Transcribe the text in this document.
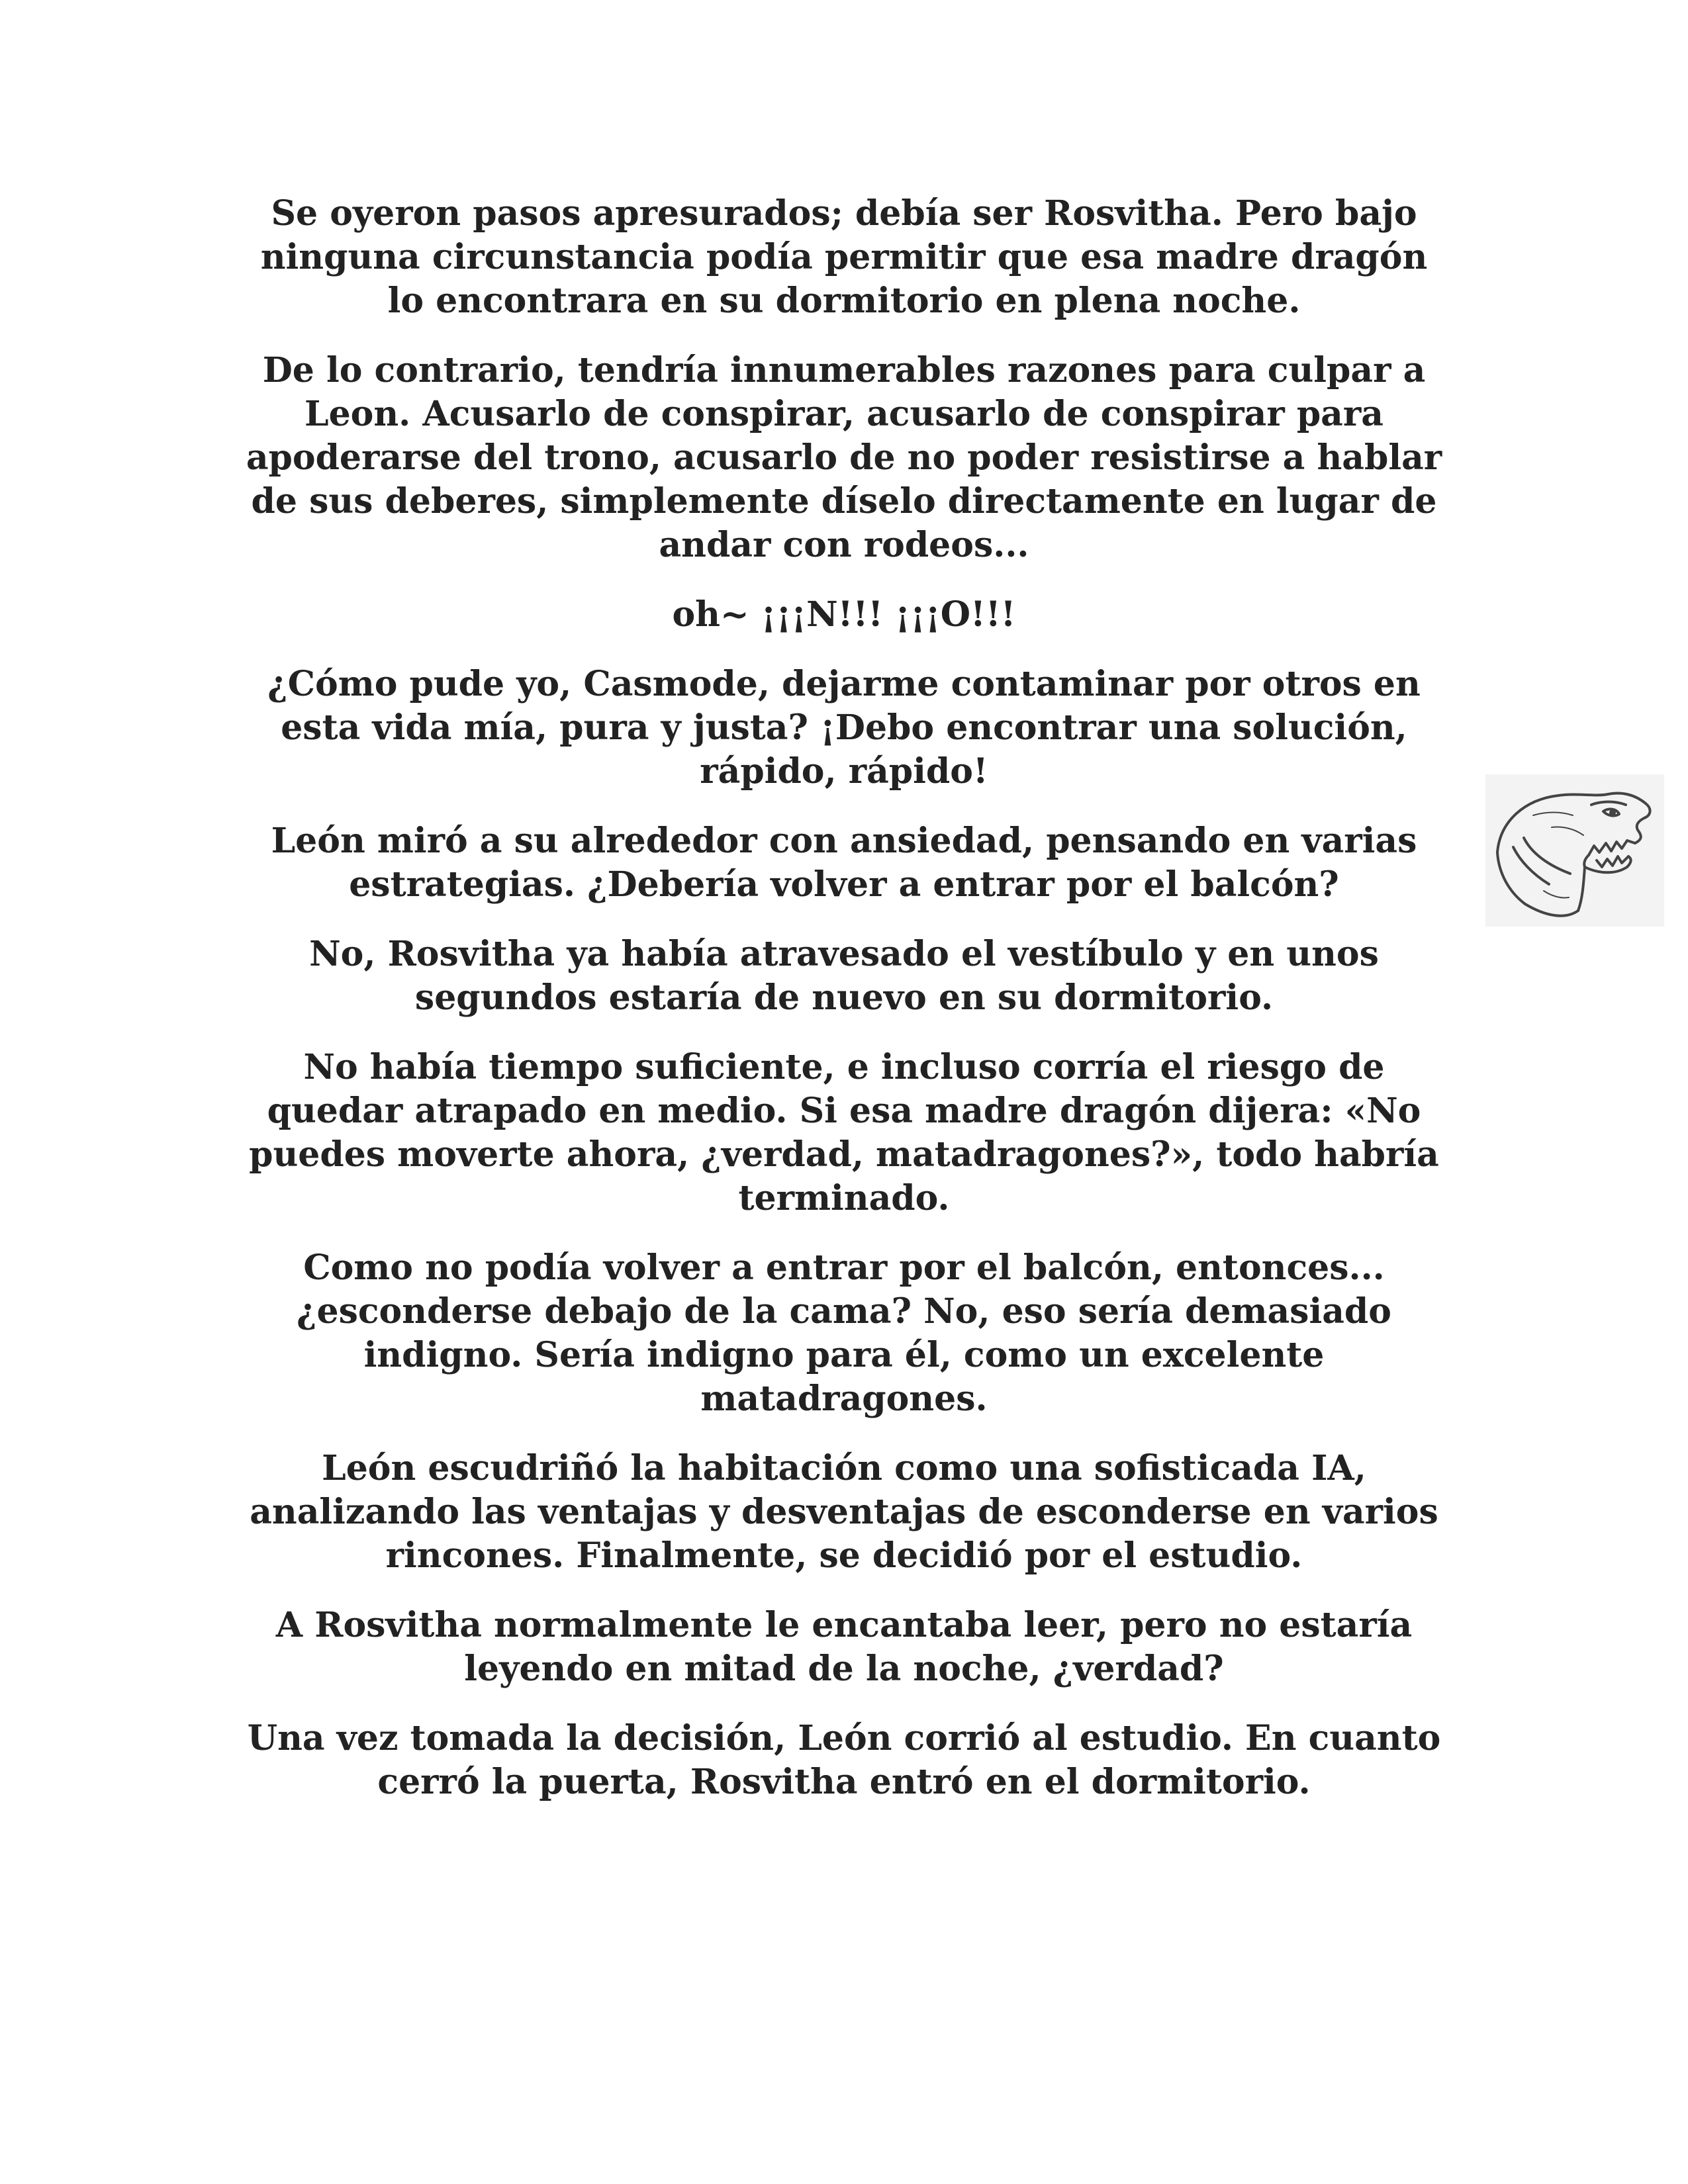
Se oyeron pasos apresurados; debía ser Rosvitha. Pero bajo
ninguna circunstancia podía permitir que esa madre dragón
lo encontrara en su dormitorio en plena noche.

De lo contrario, tendría innumerables razones para culpar a
Leon. Acusarlo de conspirar, acusarlo de conspirar para
apoderarse del trono, acusarlo de no poder resistirse a hablar
de sus deberes, simplemente díselo directamente en lugar de
andar con rodeos...

oh~ ¡¡¡N!!! ¡¡¡O!!!

¿Cómo pude yo, Casmode, dejarme contaminar por otros en
esta vida mía, pura y justa? ¡Debo encontrar una solución,
rápido, rápido!

León miró a su alrededor con ansiedad, pensando en varias
estrategias. ¿Debería volver a entrar por el balcón?

No, Rosvitha ya había atravesado el vestíbulo y en unos
segundos estaría de nuevo en su dormitorio.

No había tiempo suficiente, e incluso corría el riesgo de
quedar atrapado en medio. Si esa madre dragón dijera: «No
puedes moverte ahora, ¿verdad, matadragones?», todo habría
terminado.

Como no podía volver a entrar por el balcón, entonces...
¿esconderse debajo de la cama? No, eso sería demasiado
indigno. Sería indigno para él, como un excelente
matadragones.

León escudriñó la habitación como una sofisticada IA,
analizando las ventajas y desventajas de esconderse en varios
rincones. Finalmente, se decidió por el estudio.

A Rosvitha normalmente le encantaba leer, pero no estaría
leyendo en mitad de la noche, ¿verdad?

Una vez tomada la decisión, León corrió al estudio. En cuanto
cerró la puerta, Rosvitha entró en el dormitorio.
